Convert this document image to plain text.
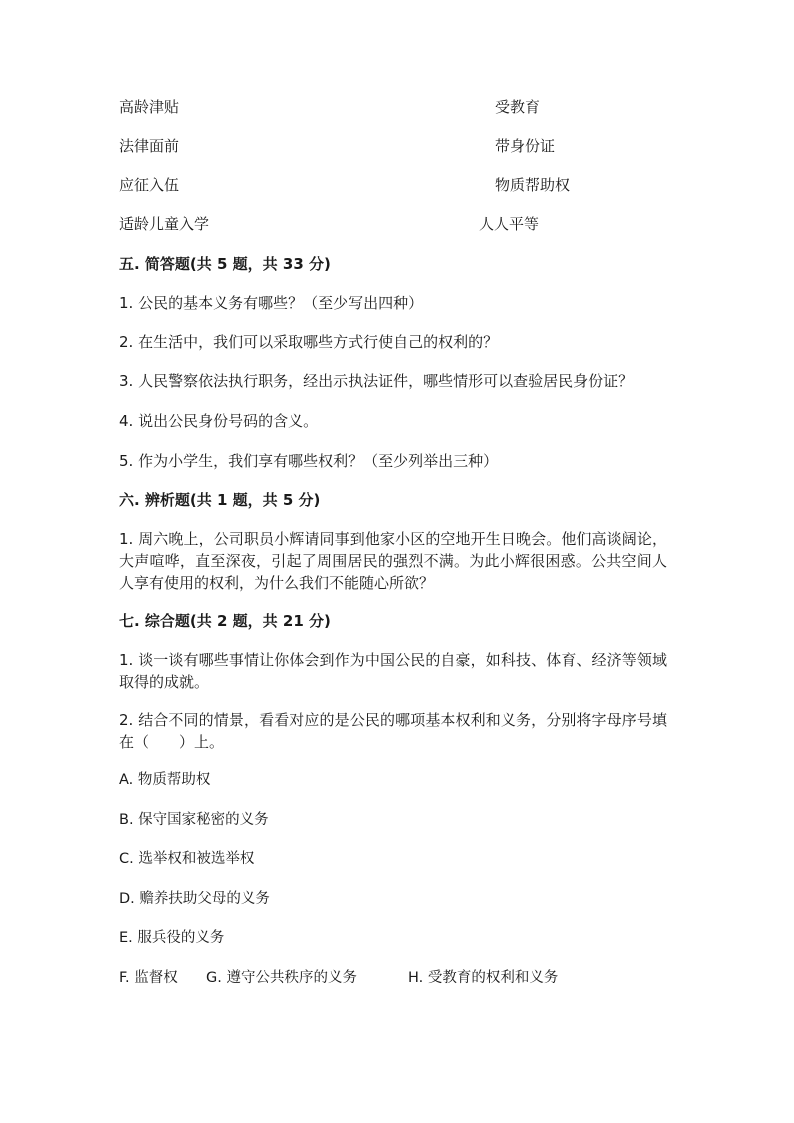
高龄津贴	受教育
法律面前	带身份证
应征入伍	物质帮助权
适龄儿童入学	人人平等
五. 简答题(共 5 题，共 33 分)
1. 公民的基本义务有哪些？（至少写出四种）
2. 在生活中，我们可以采取哪些方式行使自己的权利的？
3. 人民警察依法执行职务，经出示执法证件，哪些情形可以查验居民身份证？
4. 说出公民身份号码的含义。
5. 作为小学生，我们享有哪些权利？（至少列举出三种）
六. 辨析题(共 1 题，共 5 分)
1. 周六晚上，公司职员小辉请同事到他家小区的空地开生日晚会。他们高谈阔论，大声喧哗，直至深夜，引起了周围居民的强烈不满。为此小辉很困惑。公共空间人人享有使用的权利，为什么我们不能随心所欲？
七. 综合题(共 2 题，共 21 分)
1. 谈一谈有哪些事情让你体会到作为中国公民的自豪，如科技、体育、经济等领域取得的成就。
2. 结合不同的情景，看看对应的是公民的哪项基本权利和义务，分别将字母序号填在（　　）上。
A. 物质帮助权
B. 保守国家秘密的义务
C. 选举权和被选举权
D. 赡养扶助父母的义务
E. 服兵役的义务
F. 监督权 G. 遵守公共秩序的义务	H. 受教育的权利和义务
